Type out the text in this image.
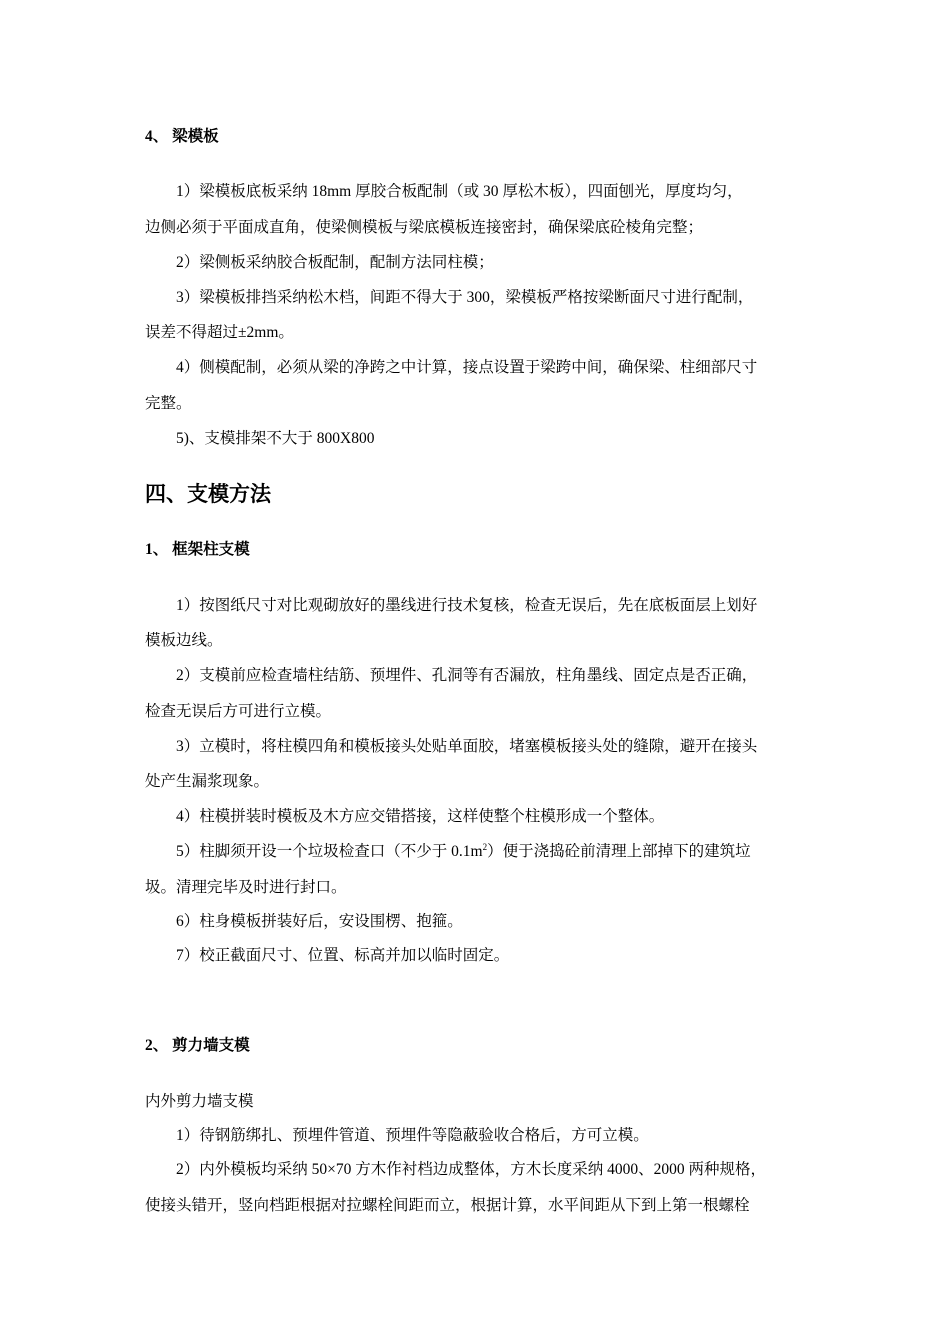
4、 梁模板
1）梁模板底板采纳 18mm 厚胶合板配制（或 30 厚松木板），四面刨光，厚度均匀，
边侧必须于平面成直角，使梁侧模板与梁底模板连接密封，确保梁底砼棱角完整；
2）梁侧板采纳胶合板配制，配制方法同柱模；
3）梁模板排挡采纳松木档，间距不得大于 300，梁模板严格按梁断面尺寸进行配制，
误差不得超过±2mm。
4）侧模配制，必须从梁的净跨之中计算，接点设置于梁跨中间，确保梁、柱细部尺寸
完整。
5)、支模排架不大于 800X800
四、支模方法
1、 框架柱支模
1）按图纸尺寸对比观砌放好的墨线进行技术复核，检查无误后，先在底板面层上划好
模板边线。
2）支模前应检查墙柱结筋、预埋件、孔洞等有否漏放，柱角墨线、固定点是否正确，
检查无误后方可进行立模。
3）立模时，将柱模四角和模板接头处贴单面胶，堵塞模板接头处的缝隙，避开在接头
处产生漏浆现象。
4）柱模拼装时模板及木方应交错搭接，这样使整个柱模形成一个整体。
5）柱脚须开设一个垃圾检查口（不少于 $0.1m^2$）便于浇捣砼前清理上部掉下的建筑垃
圾。清理完毕及时进行封口。
6）柱身模板拼装好后，安设围楞、抱箍。
7）校正截面尺寸、位置、标高并加以临时固定。
2、 剪力墙支模
内外剪力墙支模
1）待钢筋绑扎、预埋件管道、预埋件等隐蔽验收合格后，方可立模。
2）内外模板均采纳 50×70 方木作衬档边成整体，方木长度采纳 4000、2000 两种规格，
使接头错开，竖向档距根据对拉螺栓间距而立，根据计算，水平间距从下到上第一根螺栓
